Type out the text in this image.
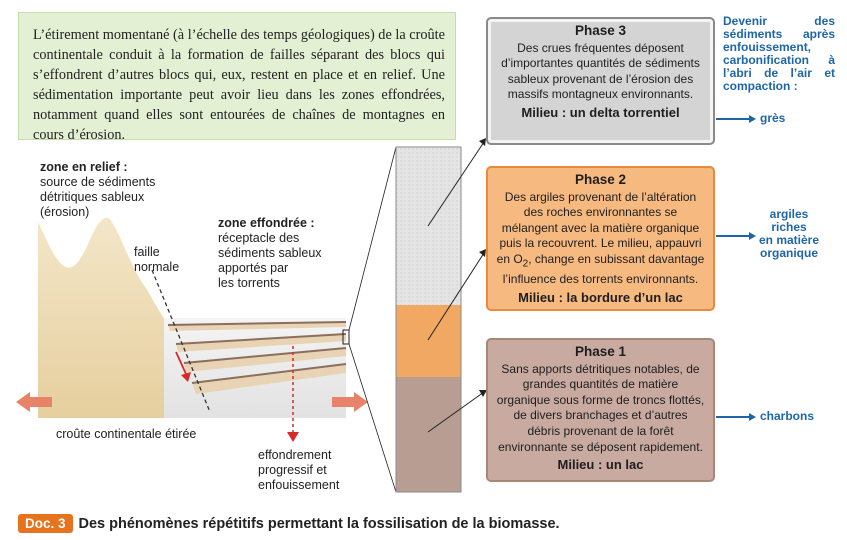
L’étirement momentané (à l’échelle des temps géologiques) de la croûte continentale conduit à la formation de failles séparant des blocs qui s’effondrent d’autres blocs qui, eux, restent en place et en relief. Une sédimentation importante peut avoir lieu dans les zones effondrées, notamment quand elles sont entourées de chaînes de montagnes en cours d’érosion.
zone en relief :
source de sédiments
détritiques sableux
(érosion)
faille
normale
zone effondrée :
réceptacle des
sédiments sableux
apportés par
les torrents
croûte continentale étirée
effondrement
progressif et
enfouissement
Phase 3
Des crues fréquentes déposent d’importantes quantités de sédiments sableux provenant de l’érosion des massifs montagneux environnants.
Milieu : un delta torrentiel
Phase 2
Des argiles provenant de l’altération des roches environnantes se mélangent avec la matière organique puis la recouvrent. Le milieu, appauvri en $O_2$, change en subissant davantage l’influence des torrents environnants.
Milieu : la bordure d’un lac
Phase 1
Sans apports détritiques notables, de grandes quantités de matière organique sous forme de troncs flottés, de divers branchages et d’autres débris provenant de la forêt environnante se déposent rapidement.
Milieu : un lac
Devenir des sédiments après enfouissement, carbonification à l’abri de l’air et compaction :
grès
argiles
riches
en matière
organique
charbons
Doc. 3 Des phénomènes répétitifs permettant la fossilisation de la biomasse.
